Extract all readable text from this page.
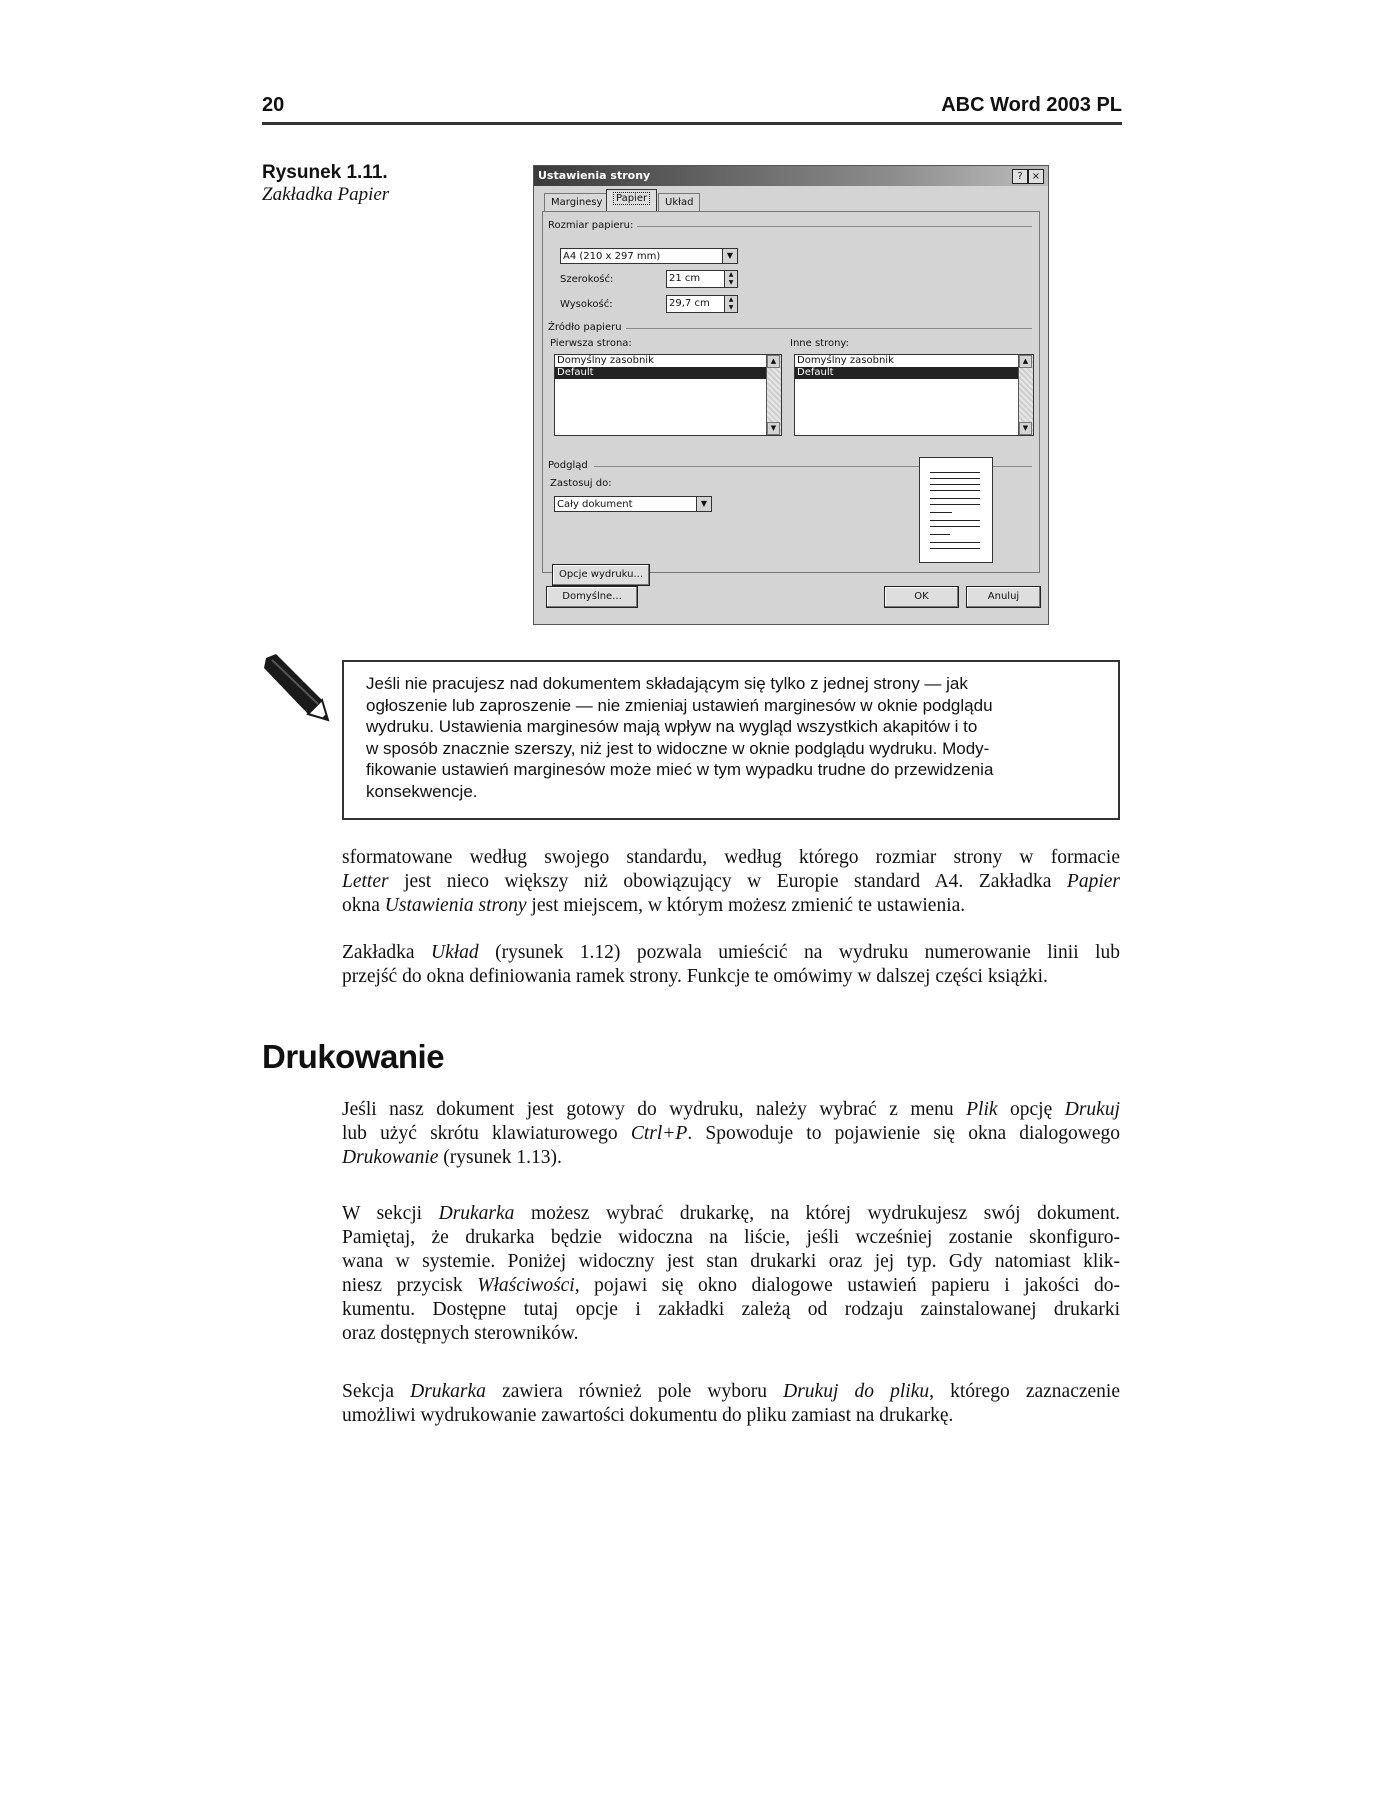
20	ABC Word 2003 PL
Rysunek 1.11.
Zakładka Papier
Ustawienia strony	? ×
Marginesy	Papier	Układ
Rozmiar papieru:
A4 (210 x 297 mm)	▼
Szerokość:	21 cm	▲
▼
Wysokość:	29,7 cm	▲
▼
Źródło papieru
Pierwsza strona:	Inne strony:
Domyślny zasobnik
Default
▲
▼
Domyślny zasobnik
Default
▲
▼
Podgląd
Zastosuj do:
Cały dokument	▼
Opcje wydruku...
Domyślne...	OK	Anuluj

Jeśli nie pracujesz nad dokumentem składającym się tylko z jednej strony — jak

ogłoszenie lub zaproszenie — nie zmieniaj ustawień marginesów w oknie podglądu

wydruku. Ustawienia marginesów mają wpływ na wygląd wszystkich akapitów i to

w sposób znacznie szerszy, niż jest to widoczne w oknie podglądu wydruku. Mody-

fikowanie ustawień marginesów może mieć w tym wypadku trudne do przewidzenia

konsekwencje.

sformatowane według swojego standardu, według którego rozmiar strony w formacie
Letter jest nieco większy niż obowiązujący w Europie standard A4. Zakładka Papier
okna Ustawienia strony jest miejscem, w którym możesz zmienić te ustawienia.
Zakładka Układ (rysunek 1.12) pozwala umieścić na wydruku numerowanie linii lub
przejść do okna definiowania ramek strony. Funkcje te omówimy w dalszej części książki.
Drukowanie
Jeśli nasz dokument jest gotowy do wydruku, należy wybrać z menu Plik opcję Drukuj
lub użyć skrótu klawiaturowego Ctrl+P. Spowoduje to pojawienie się okna dialogowego
Drukowanie (rysunek 1.13).
W sekcji Drukarka możesz wybrać drukarkę, na której wydrukujesz swój dokument.
Pamiętaj, że drukarka będzie widoczna na liście, jeśli wcześniej zostanie skonfiguro-
wana w systemie. Poniżej widoczny jest stan drukarki oraz jej typ. Gdy natomiast klik-
niesz przycisk Właściwości, pojawi się okno dialogowe ustawień papieru i jakości do-
kumentu. Dostępne tutaj opcje i zakładki zależą od rodzaju zainstalowanej drukarki
oraz dostępnych sterowników.
Sekcja Drukarka zawiera również pole wyboru Drukuj do pliku, którego zaznaczenie
umożliwi wydrukowanie zawartości dokumentu do pliku zamiast na drukarkę.
